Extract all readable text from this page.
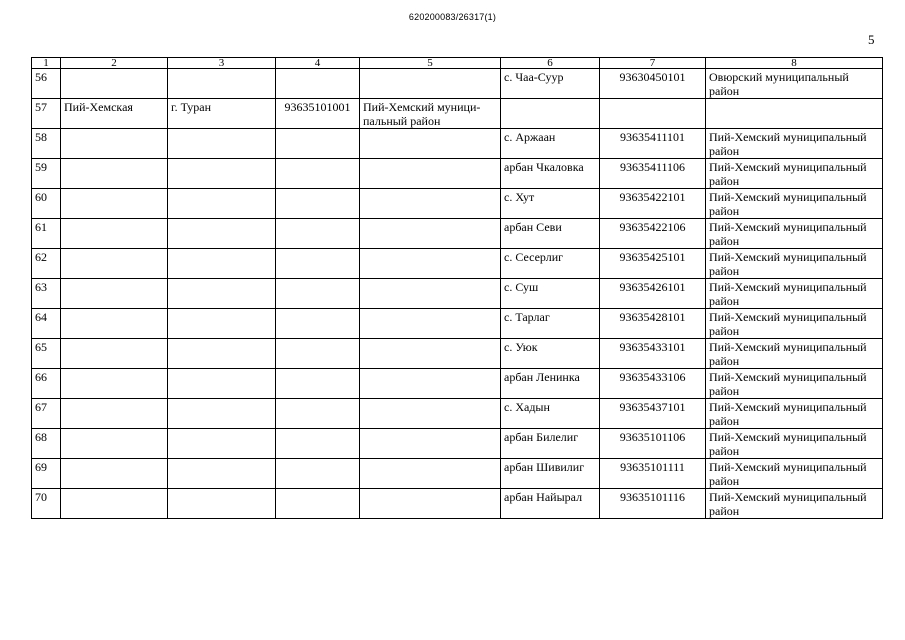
620200083/26317(1)
5
1	2	3	4	5	6	7	8
56					с. Чаа-Суур	93630450101	Овюрский муниципальный район
57	Пий-Хемская	г. Туран	93635101001	Пий-Хемский муници-пальный район			
58					с. Аржаан	93635411101	Пий-Хемский муниципальный район
59					арбан Чкаловка	93635411106	Пий-Хемский муниципальный район
60					с. Хут	93635422101	Пий-Хемский муниципальный район
61					арбан Севи	93635422106	Пий-Хемский муниципальный район
62					с. Сесерлиг	93635425101	Пий-Хемский муниципальный район
63					с. Суш	93635426101	Пий-Хемский муниципальный район
64					с. Тарлаг	93635428101	Пий-Хемский муниципальный район
65					с. Уюк	93635433101	Пий-Хемский муниципальный район
66					арбан Ленинка	93635433106	Пий-Хемский муниципальный район
67					с. Хадын	93635437101	Пий-Хемский муниципальный район
68					арбан Билелиг	93635101106	Пий-Хемский муниципальный район
69					арбан Шивилиг	93635101111	Пий-Хемский муниципальный район
70					арбан Найырал	93635101116	Пий-Хемский муниципальный район
